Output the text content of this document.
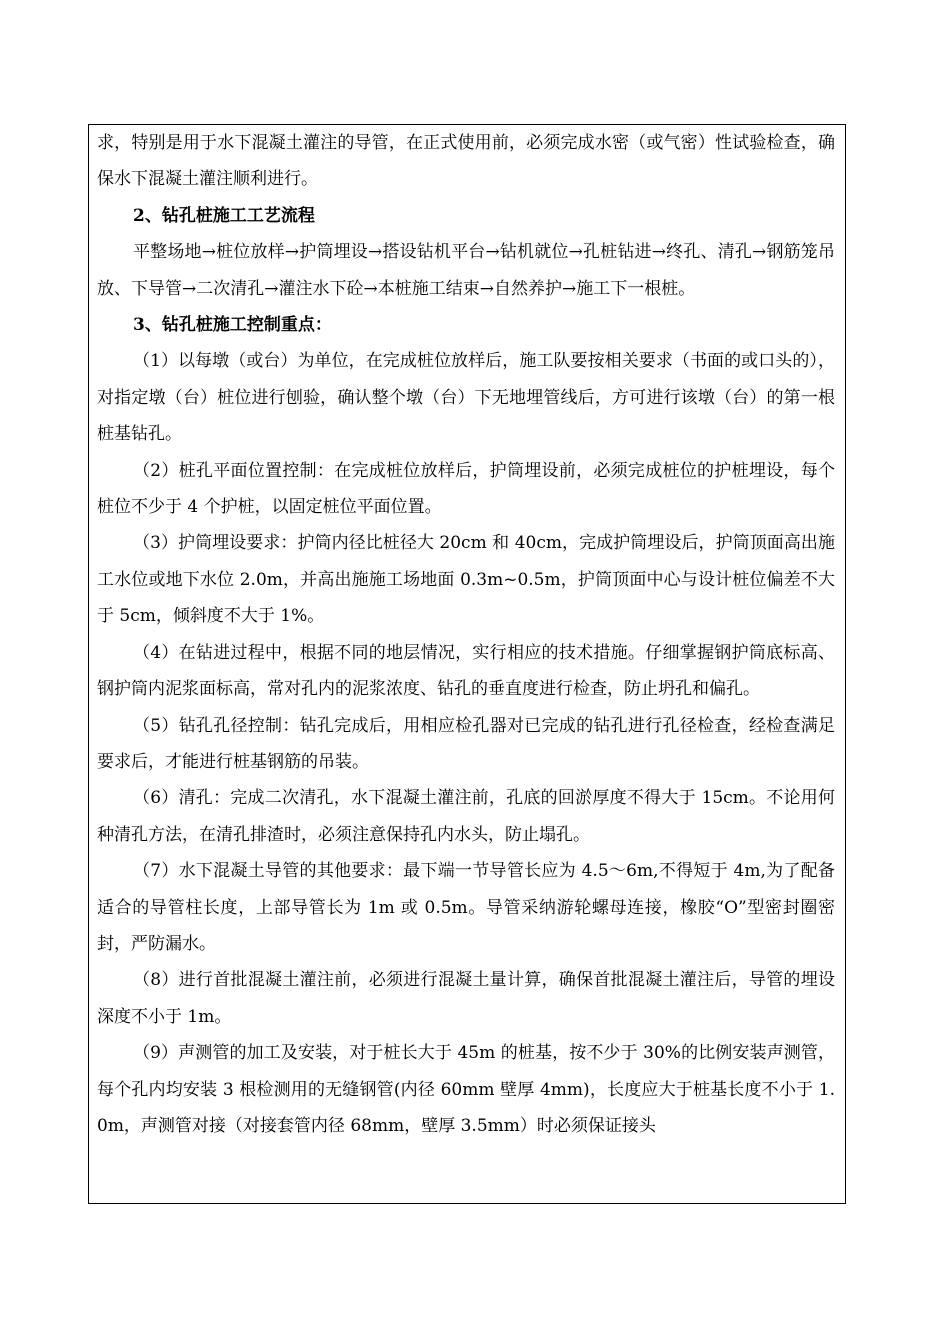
求，特别是用于水下混凝土灌注的导管，在正式使用前，必须完成水密（或气密）性试验检查，确保水下混凝土灌注顺利进行。

2、钻孔桩施工工艺流程

平整场地→桩位放样→护筒埋设→搭设钻机平台→钻机就位→孔桩钻进→终孔、清孔→钢筋笼吊放、下导管→二次清孔→灌注水下砼→本桩施工结束→自然养护→施工下一根桩。

3、钻孔桩施工控制重点：

（1）以每墩（或台）为单位，在完成桩位放样后，施工队要按相关要求（书面的或口头的），对指定墩（台）桩位进行刨验，确认整个墩（台）下无地埋管线后，方可进行该墩（台）的第一根桩基钻孔。

（2）桩孔平面位置控制：在完成桩位放样后，护筒埋设前，必须完成桩位的护桩埋设，每个桩位不少于 4 个护桩，以固定桩位平面位置。

（3）护筒埋设要求：护筒内径比桩径大 20cm 和 40cm，完成护筒埋设后，护筒顶面高出施工水位或地下水位 2.0m，并高出施施工场地面 0.3m~0.5m，护筒顶面中心与设计桩位偏差不大于 5cm，倾斜度不大于 1%。

（4）在钻进过程中，根据不同的地层情况，实行相应的技术措施。仔细掌握钢护筒底标高、钢护筒内泥浆面标高，常对孔内的泥浆浓度、钻孔的垂直度进行检查，防止坍孔和偏孔。

（5）钻孔孔径控制：钻孔完成后，用相应检孔器对已完成的钻孔进行孔径检查，经检查满足要求后，才能进行桩基钢筋的吊装。

（6）清孔：完成二次清孔，水下混凝土灌注前，孔底的回淤厚度不得大于 15cm。不论用何种清孔方法，在清孔排渣时，必须注意保持孔内水头，防止塌孔。

（7）水下混凝土导管的其他要求：最下端一节导管长应为 4.5～6m,不得短于 4m,为了配备适合的导管柱长度，上部导管长为 1m 或 0.5m。导管采纳游轮螺母连接，橡胶“O”型密封圈密封，严防漏水。

（8）进行首批混凝土灌注前，必须进行混凝土量计算，确保首批混凝土灌注后，导管的埋设深度不小于 1m。

（9）声测管的加工及安装，对于桩长大于 45m 的桩基，按不少于 30%的比例安装声测管，每个孔内均安装 3 根检测用的无缝钢管(内径 60mm 壁厚 4mm)，长度应大于桩基长度不小于 1.0m，声测管对接（对接套管内径 68mm，壁厚 3.5mm）时必须保证接头
